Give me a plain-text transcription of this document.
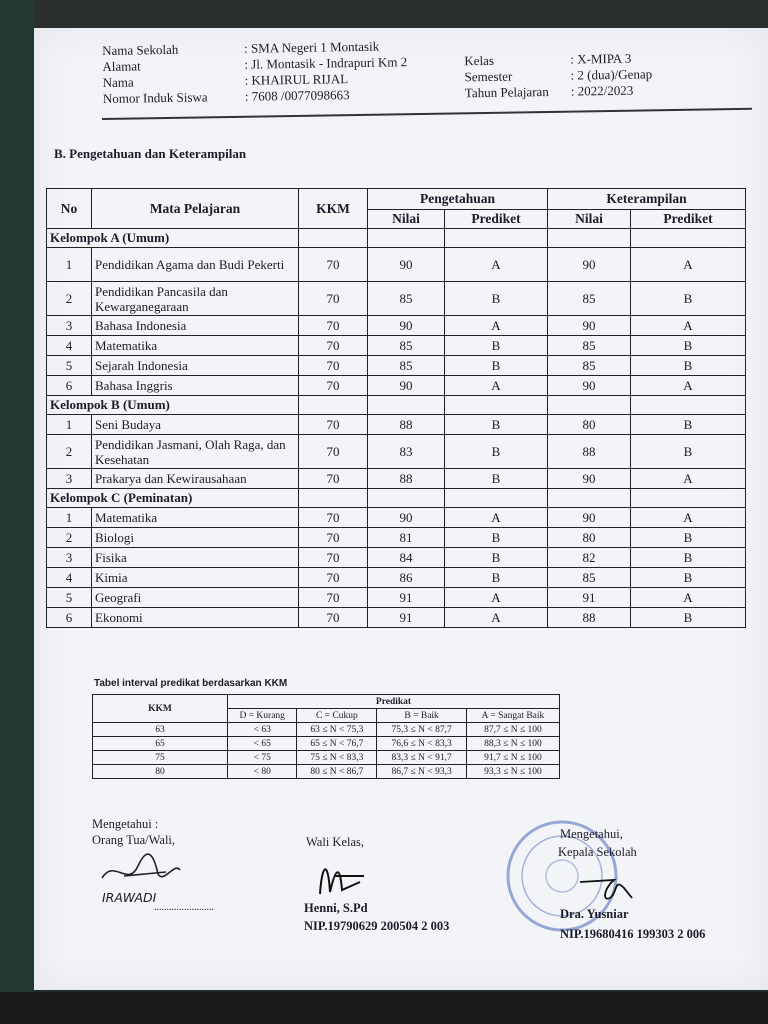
Nama Sekolah	: SMA Negeri 1 Montasik
Alamat	: Jl. Montasik - Indrapuri Km 2	Kelas	: X-MIPA 3
Nama	: KHAIRUL RIJAL	Semester	: 2 (dua)/Genap
Nomor Induk Siswa	: 7608 /0077098663	Tahun Pelajaran : 2022/2023
B. Pengetahuan dan Keterampilan
No	Mata Pelajaran	KKM	Pengetahuan		Keterampilan	
			Nilai	Prediket	Nilai	Prediket
Kelompok A (Umum)						
1	Pendidikan Agama dan Budi Pekerti	70	90	A	90	A
2	Pendidikan Pancasila dan Kewarganegaraan	70	85	B	85	B
3	Bahasa Indonesia	70	90	A	90	A
4	Matematika	70	85	B	85	B
5	Sejarah Indonesia	70	85	B	85	B
6	Bahasa Inggris	70	90	A	90	A
Kelompok B (Umum)						
1	Seni Budaya	70	88	B	80	B
2	Pendidikan Jasmani, Olah Raga, dan Kesehatan	70	83	B	88	B
3	Prakarya dan Kewirausahaan	70	88	B	90	A
Kelompok C (Peminatan)						
1	Matematika	70	90	A	90	A
2	Biologi	70	81	B	80	B
3	Fisika	70	84	B	82	B
4	Kimia	70	86	B	85	B
5	Geografi	70	91	A	91	A
6	Ekonomi	70	91	A	88	B
Tabel interval predikat berdasarkan KKM
KKM	Predikat			
	D = Kurang	C = Cukup	B = Baik	A = Sangat Baik
63	< 63	63 ≤ N < 75,3	75,3 ≤ N < 87,7	87,7 ≤ N ≤ 100
65	< 65	65 ≤ N < 76,7	76,6 ≤ N < 83,3	88,3 ≤ N ≤ 100
75	< 75	75 ≤ N < 83,3	83,3 ≤ N < 91,7	91,7 ≤ N ≤ 100
80	< 80	80 ≤ N < 86,7	86,7 ≤ N < 93,3	93,3 ≤ N ≤ 100
Mengetahui :
Orang Tua/Wali,
IRAWADI
........................
Wali Kelas,
Henni, S.Pd
NIP.19790629 200504 2 003
Mengetahui,
Kepala Sekolah
Dra. Yusniar
NIP.19680416 199303 2 006
